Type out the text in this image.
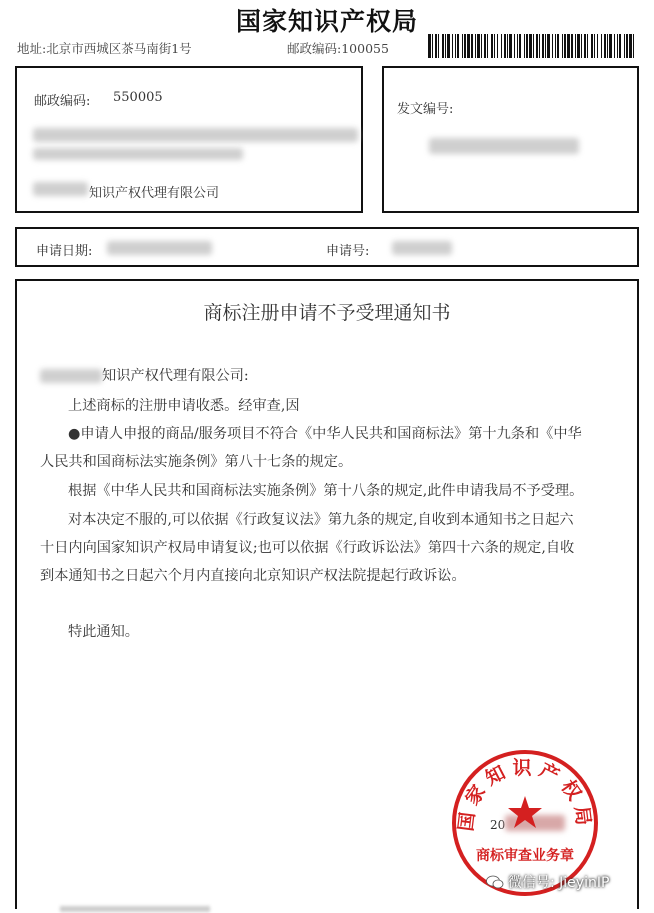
国家知识产权局
地址:北京市西城区茶马南街1号	邮政编码:100055
邮政编码: 550005
知识产权代理有限公司
发文编号:
申请日期:	申请号:
商标注册申请不予受理通知书
知识产权代理有限公司:
上述商标的注册申请收悉。经审查,因
●申请人申报的商品/服务项目不符合《中华人民共和国商标法》第十九条和《中华
人民共和国商标法实施条例》第八十七条的规定。
根据《中华人民共和国商标法实施条例》第十八条的规定,此件申请我局不予受理。
对本决定不服的,可以依据《行政复议法》第九条的规定,自收到本通知书之日起六
十日内向国家知识产权局申请复议;也可以依据《行政诉讼法》第四十六条的规定,自收
到本通知书之日起六个月内直接向北京知识产权法院提起行政诉讼。
特此通知。
20
国家知识产权局
商标审查业务章
微信号: JieyinIP
